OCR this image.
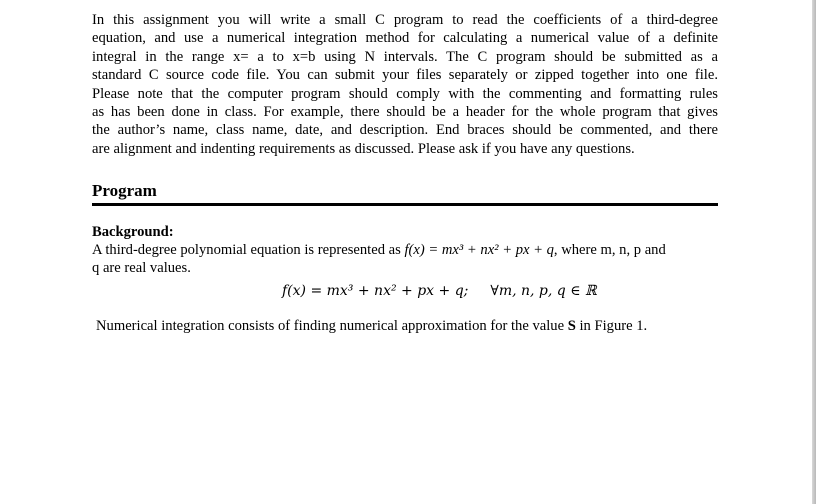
In this assignment you will write a small C program to read the coefficients of a third-degree
equation, and use a numerical integration method for calculating a numerical value of a definite
integral in the range x= a to x=b using N intervals. The C program should be submitted as a
standard C source code file. You can submit your files separately or zipped together into one file.
Please note that the computer program should comply with the commenting and formatting rules
as has been done in class. For example, there should be a header for the whole program that gives
the author’s name, class name, date, and description. End braces should be commented, and there
are alignment and indenting requirements as discussed. Please ask if you have any questions.

Program
Background:
A third-degree polynomial equation is represented as f(x) = mx³ + nx² + px + q, where m, n, p and
q are real values.
f(x) = mx³ + nx² + px + q; ∀m, n, p, q ∈ ℝ
Numerical integration consists of finding numerical approximation for the value S in Figure 1.
